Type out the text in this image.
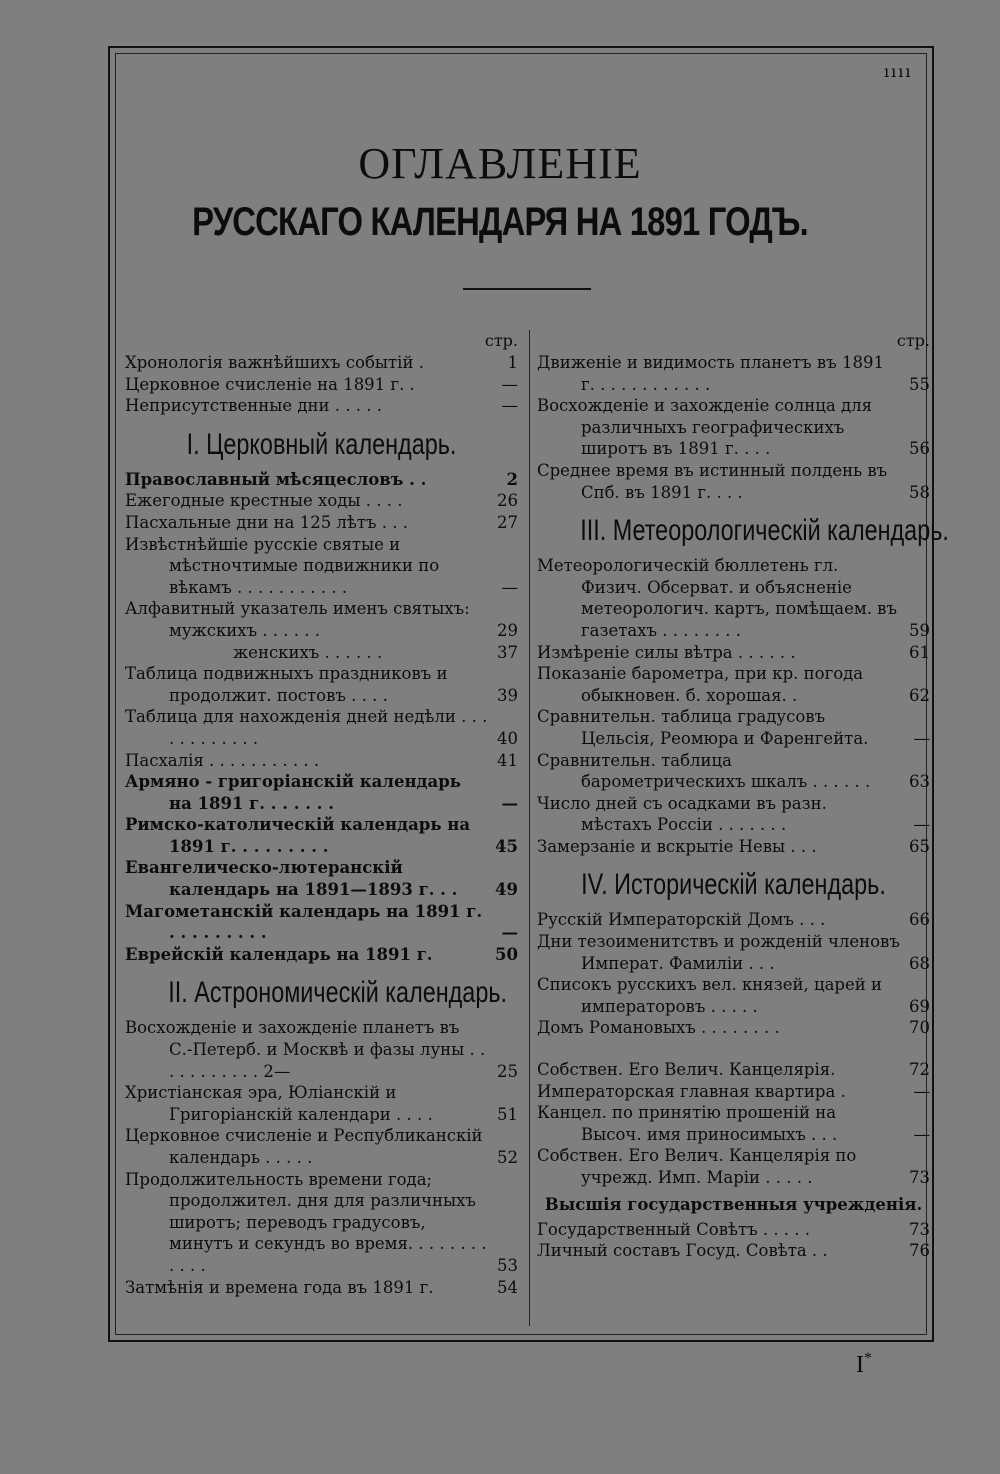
ıııı
ОГЛАВЛЕНІЕ
РУССКАГО КАЛЕНДАРЯ НА 1891 ГОДЪ.
стр.
Хронологія важнѣйшихъ событій .	1
Церковное счисленіе на 1891 г. .	—
Неприсутственные дни . . . . .	—
I. Церковный календарь.
Православный мѣсяцесловъ . .	2
Ежегодные крестные ходы . . . .	26
Пасхальные дни на 125 лѣтъ . . .	27
Извѣстнѣйшіе русскіе святые и мѣстночтимые подвижники по вѣкамъ . . . . . . . . . . .	—
Алфавитный указатель именъ святыхъ: мужскихъ . . . . . .	29
женскихъ . . . . . .	37
Таблица подвижныхъ праздниковъ и продолжит. постовъ . . . .	39
Таблица для нахожденія дней недѣли . . . . . . . . . . . .	40
Пасхалія . . . . . . . . . . .	41
Армяно - григоріанскій календарь на 1891 г. . . . . . .	—
Римско-католическій календарь на 1891 г. . . . . . . . .	45
Евангелическо-лютеранскій календарь на 1891—1893 г. . .	49
Магометанскій календарь на 1891 г. . . . . . . . . .	—
Еврейскій календарь на 1891 г.	50
II. Астрономическій календарь.
Восхожденіе и захожденіе планетъ въ С.-Петерб. и Москвѣ и фазы луны . . . . . . . . . . . 2—	25
Христіанская эра, Юліанскій и Григоріанскій календари . . . .	51
Церковное счисленіе и Республиканскій календарь . . . . .	52
Продолжительность времени года; продолжител. дня для различныхъ широтъ; переводъ градусовъ, минутъ и секундъ во время. . . . . . . . . . . .	53
Затмѣнія и времена года въ 1891 г.	54
стр.
Движеніе и видимость планетъ въ 1891 г. . . . . . . . . . . .	55
Восхожденіе и захожденіе солнца для различныхъ географическихъ широтъ въ 1891 г. . . .	56
Среднее время въ истинный полдень въ Спб. въ 1891 г. . . .	58
III. Метеорологическій календарь.
Метеорологическій бюллетень гл. Физич. Обсерват. и объясненіе метеорологич. картъ, помѣщаем. въ газетахъ . . . . . . . .	59
Измѣреніе силы вѣтра . . . . . .	61
Показаніе барометра, при кр. погода обыкновен. б. хорошая. .	62
Сравнительн. таблица градусовъ Цельсія, Реомюра и Фаренгейта.	—
Сравнительн. таблица барометрическихъ шкалъ . . . . . .	63
Число дней съ осадками въ разн. мѣстахъ Россіи . . . . . . .	—
Замерзаніе и вскрытіе Невы . . .	65
IV. Историческій календарь.
Русскій Императорскій Домъ . . .	66
Дни тезоименитствъ и рожденій членовъ Императ. Фамиліи . . .	68
Списокъ русскихъ вел. князей, царей и императоровъ . . . . .	69
Домъ Романовыхъ . . . . . . . .	70
Собствен. Его Велич. Канцелярія.	72
Императорская главная квартира .	—
Канцел. по принятію прошеній на Высоч. имя приносимыхъ . . .	—
Собствен. Его Велич. Канцелярія по учрежд. Имп. Маріи . . . . .	73
Высшія государственныя учрежденія.
Государственный Совѣтъ . . . . .	73
Личный составъ Госуд. Совѣта . .	76
I*
